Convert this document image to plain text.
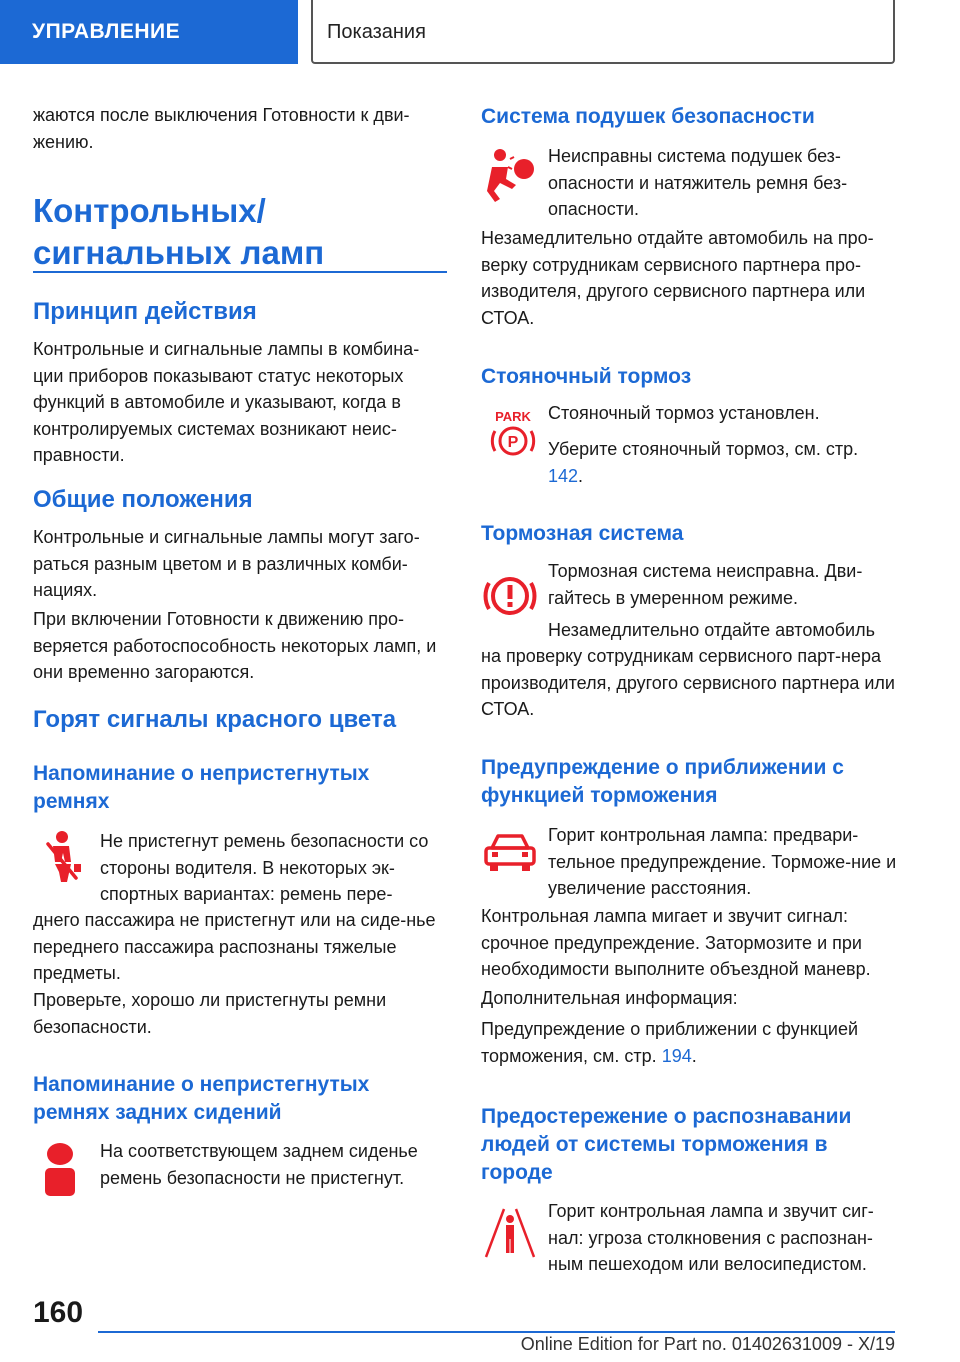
УПРАВЛЕНИЕ	Показания

жаются после выключения Готовности к дви-жению.

Контрольных/сигнальных ламп
Принцип действия

Контрольные и сигнальные лампы в комбина-ции приборов показывают статус некоторых функций в автомобиле и указывают, когда в контролируемых системах возникают неис-правности.

Общие положения

Контрольные и сигнальные лампы могут заго-раться разным цветом и в различных комби-нациях.

При включении Готовности к движению про-веряется работоспособность некоторых ламп, и они временно загораются.

Горят сигналы красного цвета
Напоминание о непристегнутых ремнях

Не пристегнут ремень безопасности со стороны водителя. В некоторых эк-спортных вариантах: ремень пере-

днего пассажира не пристегнут или на сиде-нье переднего пассажира распознаны тяжелые предметы.

Проверьте, хорошо ли пристегнуты ремни безопасности.

Напоминание о непристегнутых ремнях задних сидений

На соответствующем заднем сиденье ремень безопасности не пристегнут.

Система подушек безопасности

Неисправны система подушек без-опасности и натяжитель ремня без-опасности.

Незамедлительно отдайте автомобиль на про-верку сотрудникам сервисного партнера про-изводителя, другого сервисного партнера или СТОА.

Стояночный тормоз
PARK
P

Стояночный тормоз установлен.

Уберите стояночный тормоз, см. стр. 142.

Тормозная система

Тормозная система неисправна. Дви-гайтесь в умеренном режиме.

Незамедлительно отдайте автомобиль

на проверку сотрудникам сервисного парт-нера производителя, другого сервисного партнера или СТОА.

Предупреждение о приближении с функцией торможения

Горит контрольная лампа: предвари-тельное предупреждение. Торможе-ние и увеличение расстояния.

Контрольная лампа мигает и звучит сигнал: срочное предупреждение. Затормозите и при необходимости выполните объездной маневр.

Дополнительная информация:

Предупреждение о приближении с функцией торможения, см. стр. 194.

Предостережение о распознавании людей от системы торможения в городе

Горит контрольная лампа и звучит сиг-нал: угроза столкновения с распознан-ным пешеходом или велосипедистом.

160
Online Edition for Part no. 01402631009 - X/19
